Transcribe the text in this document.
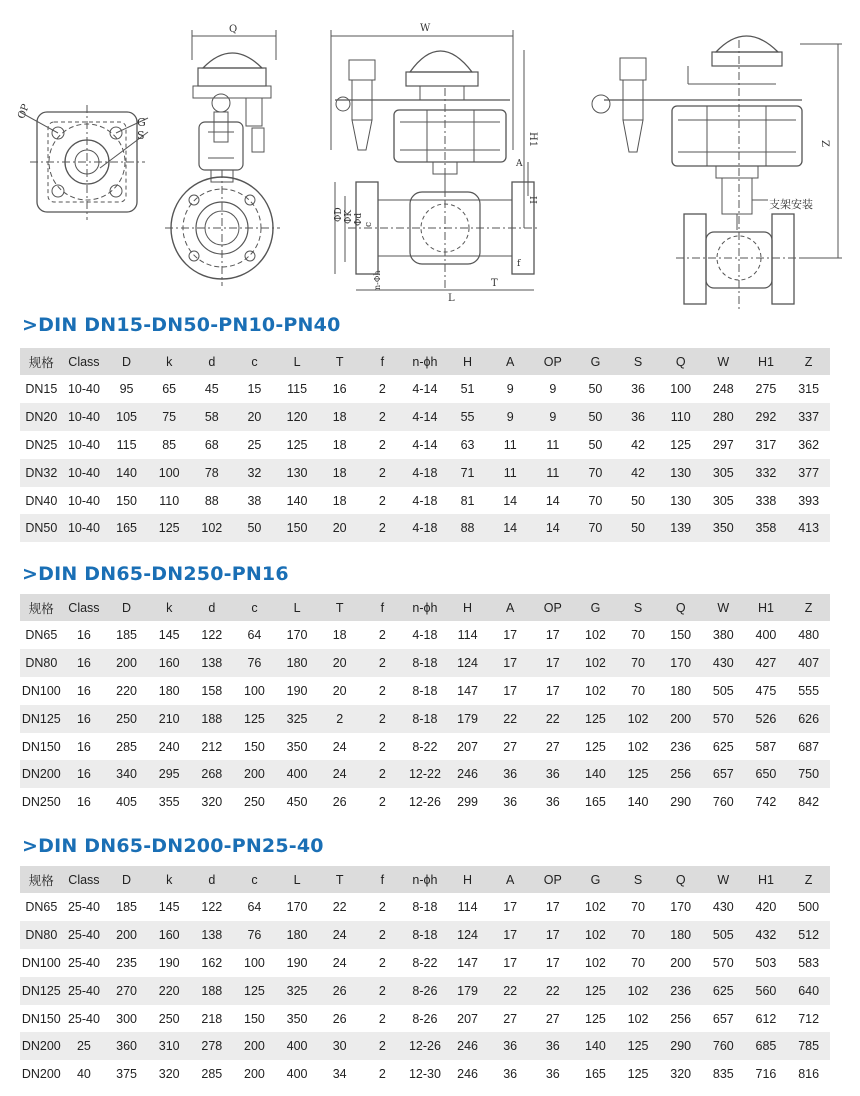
OP
G
S
Q	W
H1
H
A
ΦD ΦK Φd c
n-Φh
L
T
f
Z
支架安装
>DIN DN15-DN50-PN10-PN40
规格	Class	D	k	d	c	L	T	f	n-ϕh	H	A	OP	G	S	Q	W	H1	Z
DN15	10-40	95	65	45	15	115	16	2	4-14	51	9	9	50	36	100	248	275	315
DN20	10-40	105	75	58	20	120	18	2	4-14	55	9	9	50	36	110	280	292	337
DN25	10-40	115	85	68	25	125	18	2	4-14	63	11	11	50	42	125	297	317	362
DN32	10-40	140	100	78	32	130	18	2	4-18	71	11	11	70	42	130	305	332	377
DN40	10-40	150	110	88	38	140	18	2	4-18	81	14	14	70	50	130	305	338	393
DN50	10-40	165	125	102	50	150	20	2	4-18	88	14	14	70	50	139	350	358	413
>DIN DN65-DN250-PN16
规格	Class	D	k	d	c	L	T	f	n-ϕh	H	A	OP	G	S	Q	W	H1	Z
DN65	16	185	145	122	64	170	18	2	4-18	114	17	17	102	70	150	380	400	480
DN80	16	200	160	138	76	180	20	2	8-18	124	17	17	102	70	170	430	427	407
DN100	16	220	180	158	100	190	20	2	8-18	147	17	17	102	70	180	505	475	555
DN125	16	250	210	188	125	325	2	2	8-18	179	22	22	125	102	200	570	526	626
DN150	16	285	240	212	150	350	24	2	8-22	207	27	27	125	102	236	625	587	687
DN200	16	340	295	268	200	400	24	2	12-22	246	36	36	140	125	256	657	650	750
DN250	16	405	355	320	250	450	26	2	12-26	299	36	36	165	140	290	760	742	842
>DIN DN65-DN200-PN25-40
规格	Class	D	k	d	c	L	T	f	n-ϕh	H	A	OP	G	S	Q	W	H1	Z
DN65	25-40	185	145	122	64	170	22	2	8-18	114	17	17	102	70	170	430	420	500
DN80	25-40	200	160	138	76	180	24	2	8-18	124	17	17	102	70	180	505	432	512
DN100	25-40	235	190	162	100	190	24	2	8-22	147	17	17	102	70	200	570	503	583
DN125	25-40	270	220	188	125	325	26	2	8-26	179	22	22	125	102	236	625	560	640
DN150	25-40	300	250	218	150	350	26	2	8-26	207	27	27	125	102	256	657	612	712
DN200	25	360	310	278	200	400	30	2	12-26	246	36	36	140	125	290	760	685	785
DN200	40	375	320	285	200	400	34	2	12-30	246	36	36	165	125	320	835	716	816
